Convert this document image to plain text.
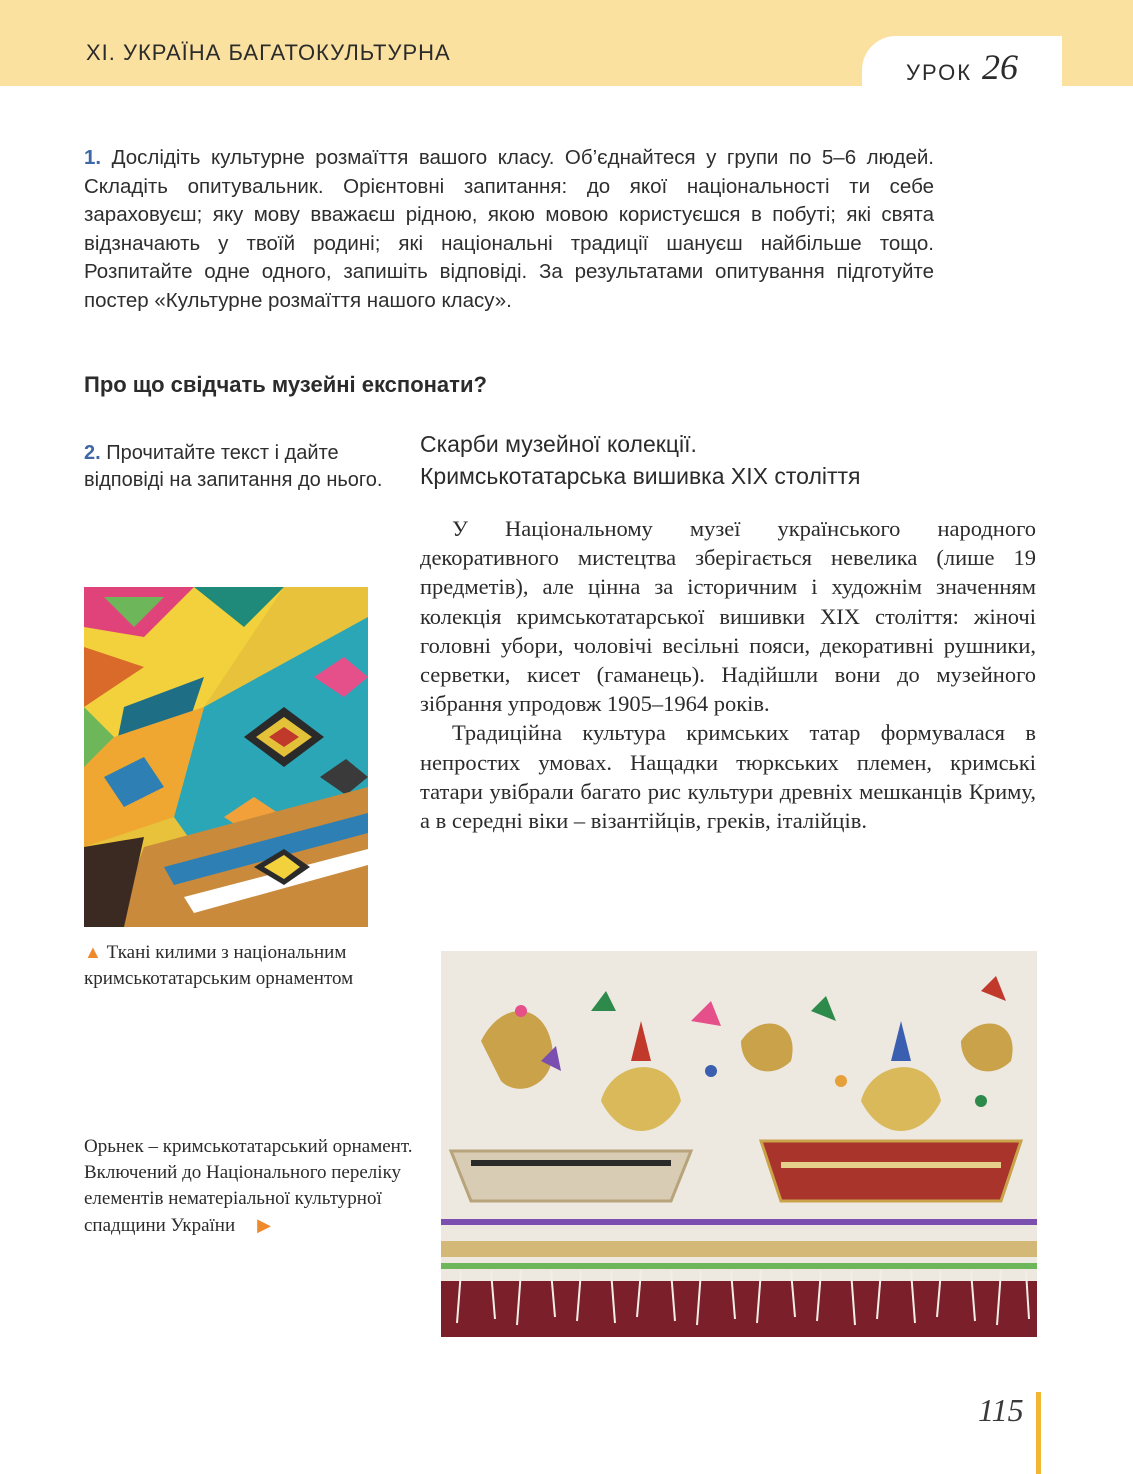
XI. УКРАЇНА БАГАТОКУЛЬТУРНА
УРОК 26
1. Дослідіть культурне розмаїття вашого класу. Об’єднайтеся у групи по 5–6 людей. Складіть опитувальник. Орієнтовні запитання: до якої національності ти себе зараховуєш; яку мову вважаєш рідною, якою мовою користуєшся в побуті; які свята відзначають у твоїй родині; які національні традиції шануєш найбільше тощо. Розпитайте одне одного, запишіть відповіді. За результатами опитування підготуйте постер «Культурне розмаїття нашого класу».
Про що свідчать музейні експонати?
2. Прочитайте текст і дайте відповіді на запитання до нього.
Скарби музейної колекції.
Кримськотатарська вишивка XIX століття

У Національному музеї українського народного декоративного мистецтва зберігається невелика (лише 19 предметів), але цінна за історичним і художнім значенням колекція кримськотатарської вишивки XIX століття: жіночі головні убори, чоловічі весільні пояси, декоративні рушники, серветки, кисет (гаманець). Надійшли вони до музейного зібрання упродовж 1905–1964 років.

Традиційна культура кримських татар формувалася в непростих умовах. Нащадки тюркських племен, кримські татари увібрали багато рис культури древніх мешканців Криму, а в середні віки – візантійців, греків, італійців.

▲ Ткані килими з національним кримськотатарським орнаментом
Орьнек – кримськотатарський орнамент. Включений до Національного переліку елементів нематеріальної культурної спадщини України ▶
115
